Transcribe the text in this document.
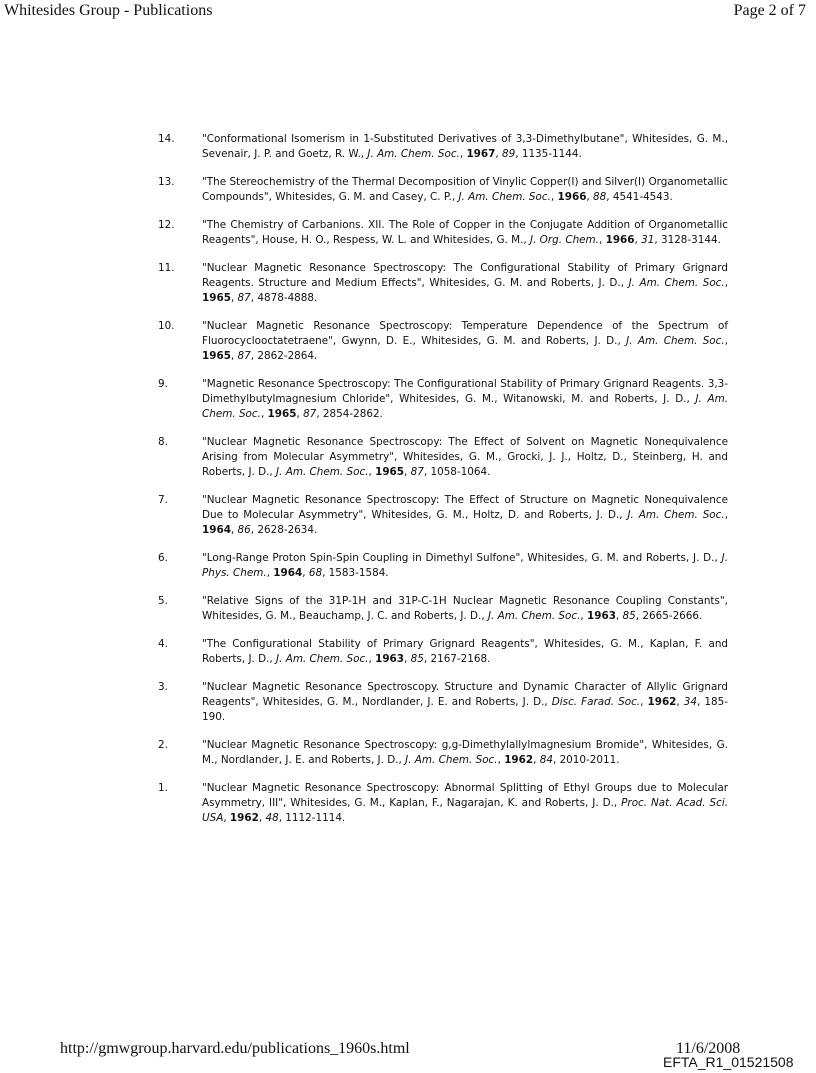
Whitesides Group - Publications	Page 2 of 7
14.	"Conformational Isomerism in 1-Substituted Derivatives of 3,3-Dimethylbutane", Whitesides, G. M., Sevenair, J. P. and Goetz, R. W., J. Am. Chem. Soc., 1967, 89, 1135-1144.
13.	"The Stereochemistry of the Thermal Decomposition of Vinylic Copper(I) and Silver(I) Organometallic Compounds", Whitesides, G. M. and Casey, C. P., J. Am. Chem. Soc., 1966, 88, 4541-4543.
12.	"The Chemistry of Carbanions. XII. The Role of Copper in the Conjugate Addition of Organometallic Reagents", House, H. O., Respess, W. L. and Whitesides, G. M., J. Org. Chem., 1966, 31, 3128-3144.
11.	"Nuclear Magnetic Resonance Spectroscopy: The Configurational Stability of Primary Grignard Reagents. Structure and Medium Effects", Whitesides, G. M. and Roberts, J. D., J. Am. Chem. Soc., 1965, 87, 4878-4888.
10.	"Nuclear Magnetic Resonance Spectroscopy: Temperature Dependence of the Spectrum of Fluorocyclooctatetraene", Gwynn, D. E., Whitesides, G. M. and Roberts, J. D., J. Am. Chem. Soc., 1965, 87, 2862-2864.
9.	"Magnetic Resonance Spectroscopy: The Configurational Stability of Primary Grignard Reagents. 3,3-Dimethylbutylmagnesium Chloride", Whitesides, G. M., Witanowski, M. and Roberts, J. D., J. Am. Chem. Soc., 1965, 87, 2854-2862.
8.	"Nuclear Magnetic Resonance Spectroscopy: The Effect of Solvent on Magnetic Nonequivalence Arising from Molecular Asymmetry", Whitesides, G. M., Grocki, J. J., Holtz, D., Steinberg, H. and Roberts, J. D., J. Am. Chem. Soc., 1965, 87, 1058-1064.
7.	"Nuclear Magnetic Resonance Spectroscopy: The Effect of Structure on Magnetic Nonequivalence Due to Molecular Asymmetry", Whitesides, G. M., Holtz, D. and Roberts, J. D., J. Am. Chem. Soc., 1964, 86, 2628-2634.
6.	"Long-Range Proton Spin-Spin Coupling in Dimethyl Sulfone", Whitesides, G. M. and Roberts, J. D., J. Phys. Chem., 1964, 68, 1583-1584.
5.	"Relative Signs of the 31P-1H and 31P-C-1H Nuclear Magnetic Resonance Coupling Constants", Whitesides, G. M., Beauchamp, J. C. and Roberts, J. D., J. Am. Chem. Soc., 1963, 85, 2665-2666.
4.	"The Configurational Stability of Primary Grignard Reagents", Whitesides, G. M., Kaplan, F. and Roberts, J. D., J. Am. Chem. Soc., 1963, 85, 2167-2168.
3.	"Nuclear Magnetic Resonance Spectroscopy. Structure and Dynamic Character of Allylic Grignard Reagents", Whitesides, G. M., Nordlander, J. E. and Roberts, J. D., Disc. Farad. Soc., 1962, 34, 185-190.
2.	"Nuclear Magnetic Resonance Spectroscopy: g,g-Dimethylallylmagnesium Bromide", Whitesides, G. M., Nordlander, J. E. and Roberts, J. D., J. Am. Chem. Soc., 1962, 84, 2010-2011.
1.	"Nuclear Magnetic Resonance Spectroscopy: Abnormal Splitting of Ethyl Groups due to Molecular Asymmetry, III", Whitesides, G. M., Kaplan, F., Nagarajan, K. and Roberts, J. D., Proc. Nat. Acad. Sci. USA, 1962, 48, 1112-1114.
http://gmwgroup.harvard.edu/publications_1960s.html	11/6/2008
EFTA_R1_01521508
